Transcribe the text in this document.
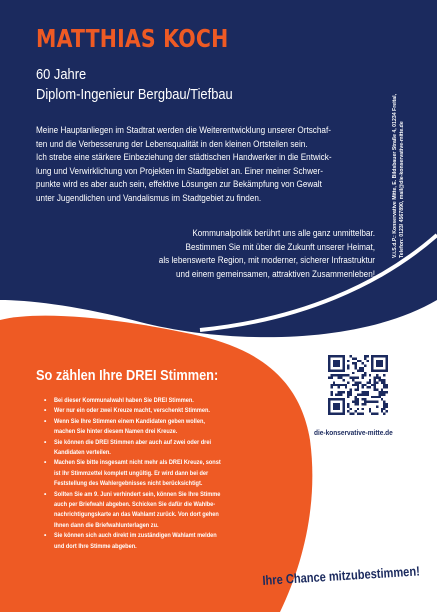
MATTHIAS KOCH
60 Jahre
Diplom-Ingenieur Bergbau/Tiefbau

Meine Hauptanliegen im Stadtrat werden die Weiterentwicklung unserer Ortschaf-
ten und die Verbesserung der Lebensqualität in den kleinen Ortsteilen sein.
Ich strebe eine stärkere Einbeziehung der städtischen Handwerker in die Entwick-
lung und Verwirklichung von Projekten im Stadtgebiet an. Einer meiner Schwer-
punkte wird es aber auch sein, effektive Lösungen zur Bekämpfung von Gewalt
unter Jugendlichen und Vandalismus im Stadtgebiet zu finden.

Kommunalpolitik berührt uns alle ganz unmittelbar.
Bestimmen Sie mit über die Zukunft unserer Heimat,
als lebenswerte Region, mit moderner, sicherer Infrastruktur
und einem gemeinsamen, attraktiven Zusammenleben!

V.i.S.d.P.: Konservative Mitte, E. Bildsbauer Straße 4, 01234 Freital, Telefon: 0123/ 4567890, mail@die-konservative-mitte.de
So zählen Ihre DREI Stimmen:
• Bei dieser Kommunalwahl haben Sie DREI Stimmen.
• Wer nur ein oder zwei Kreuze macht, verschenkt Stimmen.
• Wenn Sie Ihre Stimmen einem Kandidaten geben wollen,
machen Sie hinter diesem Namen drei Kreuze.
• Sie können die DREI Stimmen aber auch auf zwei oder drei
Kandidaten verteilen.
• Machen Sie bitte insgesamt nicht mehr als DREI Kreuze, sonst
ist Ihr Stimmzettel komplett ungültig. Er wird dann bei der
Feststellung des Wahlergebnisses nicht berücksichtigt.
• Sollten Sie am 9. Juni verhindert sein, können Sie Ihre Stimme
auch per Briefwahl abgeben. Schicken Sie dafür die Wahlbe-
nachrichtigungskarte an das Wahlamt zurück. Von dort gehen
Ihnen dann die Briefwahlunterlagen zu.
• Sie können sich auch direkt im zuständigen Wahlamt melden
und dort Ihre Stimme abgeben.
die-konservative-mitte.de
Ihre Chance mitzubestimmen!
